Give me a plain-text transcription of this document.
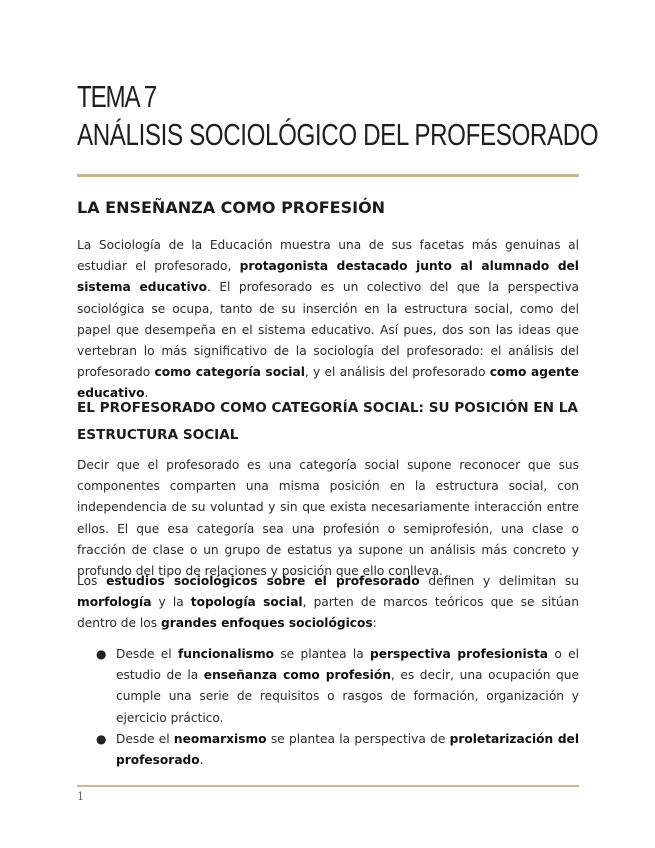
TEMA 7
ANÁLISIS SOCIOLÓGICO DEL PROFESORADO
LA ENSEÑANZA COMO PROFESIÓN

La Sociología de la Educación muestra una de sus facetas más genuinas al estudiar el profesorado, protagonista destacado junto al alumnado del sistema educativo. El profesorado es un colectivo del que la perspectiva sociológica se ocupa, tanto de su inserción en la estructura social, como del papel que desempeña en el sistema educativo. Así pues, dos son las ideas que vertebran lo más significativo de la sociología del profesorado: el análisis del profesorado como categoría social, y el análisis del profesorado como agente educativo.

EL PROFESORADO COMO CATEGORÍA SOCIAL: SU POSICIÓN EN LA ESTRUCTURA SOCIAL

Decir que el profesorado es una categoría social supone reconocer que sus componentes comparten una misma posición en la estructura social, con independencia de su voluntad y sin que exista necesariamente interacción entre ellos. El que esa categoría sea una profesión o semiprofesión, una clase o fracción de clase o un grupo de estatus ya supone un análisis más concreto y profundo del tipo de relaciones y posición que ello conlleva.

Los estudios sociológicos sobre el profesorado definen y delimitan su morfología y la topología social, parten de marcos teóricos que se sitúan dentro de los grandes enfoques sociológicos:

● Desde el funcionalismo se plantea la perspectiva profesionista o el estudio de la enseñanza como profesión, es decir, una ocupación que cumple una serie de requisitos o rasgos de formación, organización y ejercicio práctico.
● Desde el neomarxismo se plantea la perspectiva de proletarización del profesorado.
1
